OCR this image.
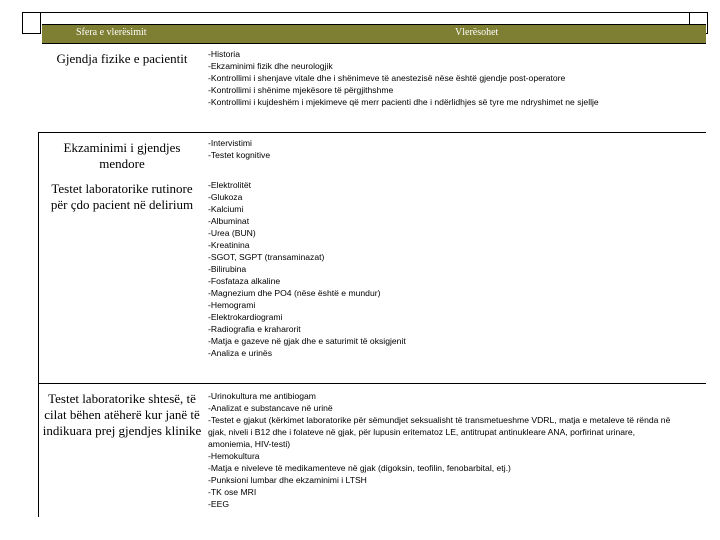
Sfera e vlerësimit	Vlerësohet
Gjendja fizike e pacientit	-Historia
-Ekzaminimi fizik dhe neurologjik
-Kontrollimi i shenjave vitale dhe i shënimeve të anestezisë nëse është gjendje post-operatore
-Kontrollimi i shënime mjekësore të përgjithshme
-Kontrollimi i kujdeshëm i mjekimeve që merr pacienti dhe i ndërlidhjes së tyre me ndryshimet ne sjellje
Ekzaminimi i gjendjes mendore
-Intervistimi
-Testet kognitive
Testet laboratorike rutinore për çdo pacient në delirium
-Elektrolitët
-Glukoza
-Kalciumi
-Albuminat
-Urea (BUN)
-Kreatinina
-SGOT, SGPT (transaminazat)
-Bilirubina
-Fosfataza alkaline
-Magnezium dhe PO4 (nëse është e mundur)
-Hemogrami
-Elektrokardiogrami
-Radiografia e kraharorit
-Matja e gazeve në gjak dhe e saturimit të oksigjenit
-Analiza e urinës
Testet laboratorike shtesë, të cilat bëhen atëherë kur janë të indikuara prej gjendjes klinike
-Urinokultura me antibiogam
-Analizat e substancave në urinë
-Testet e gjakut (kërkimet laboratorike për sëmundjet seksualisht të transmetueshme VDRL, matja e metaleve të rënda në gjak, niveli i B12 dhe i folateve në gjak, për lupusin eritematoz LE, antitrupat antinukleare ANA, porfirinat urinare, amoniemia, HIV-testi)
-Hemokultura
-Matja e niveleve të medikamenteve në gjak (digoksin, teofilin, fenobarbital, etj.)
-Punksioni lumbar dhe ekzaminimi i LTSH
-TK ose MRI
-EEG
